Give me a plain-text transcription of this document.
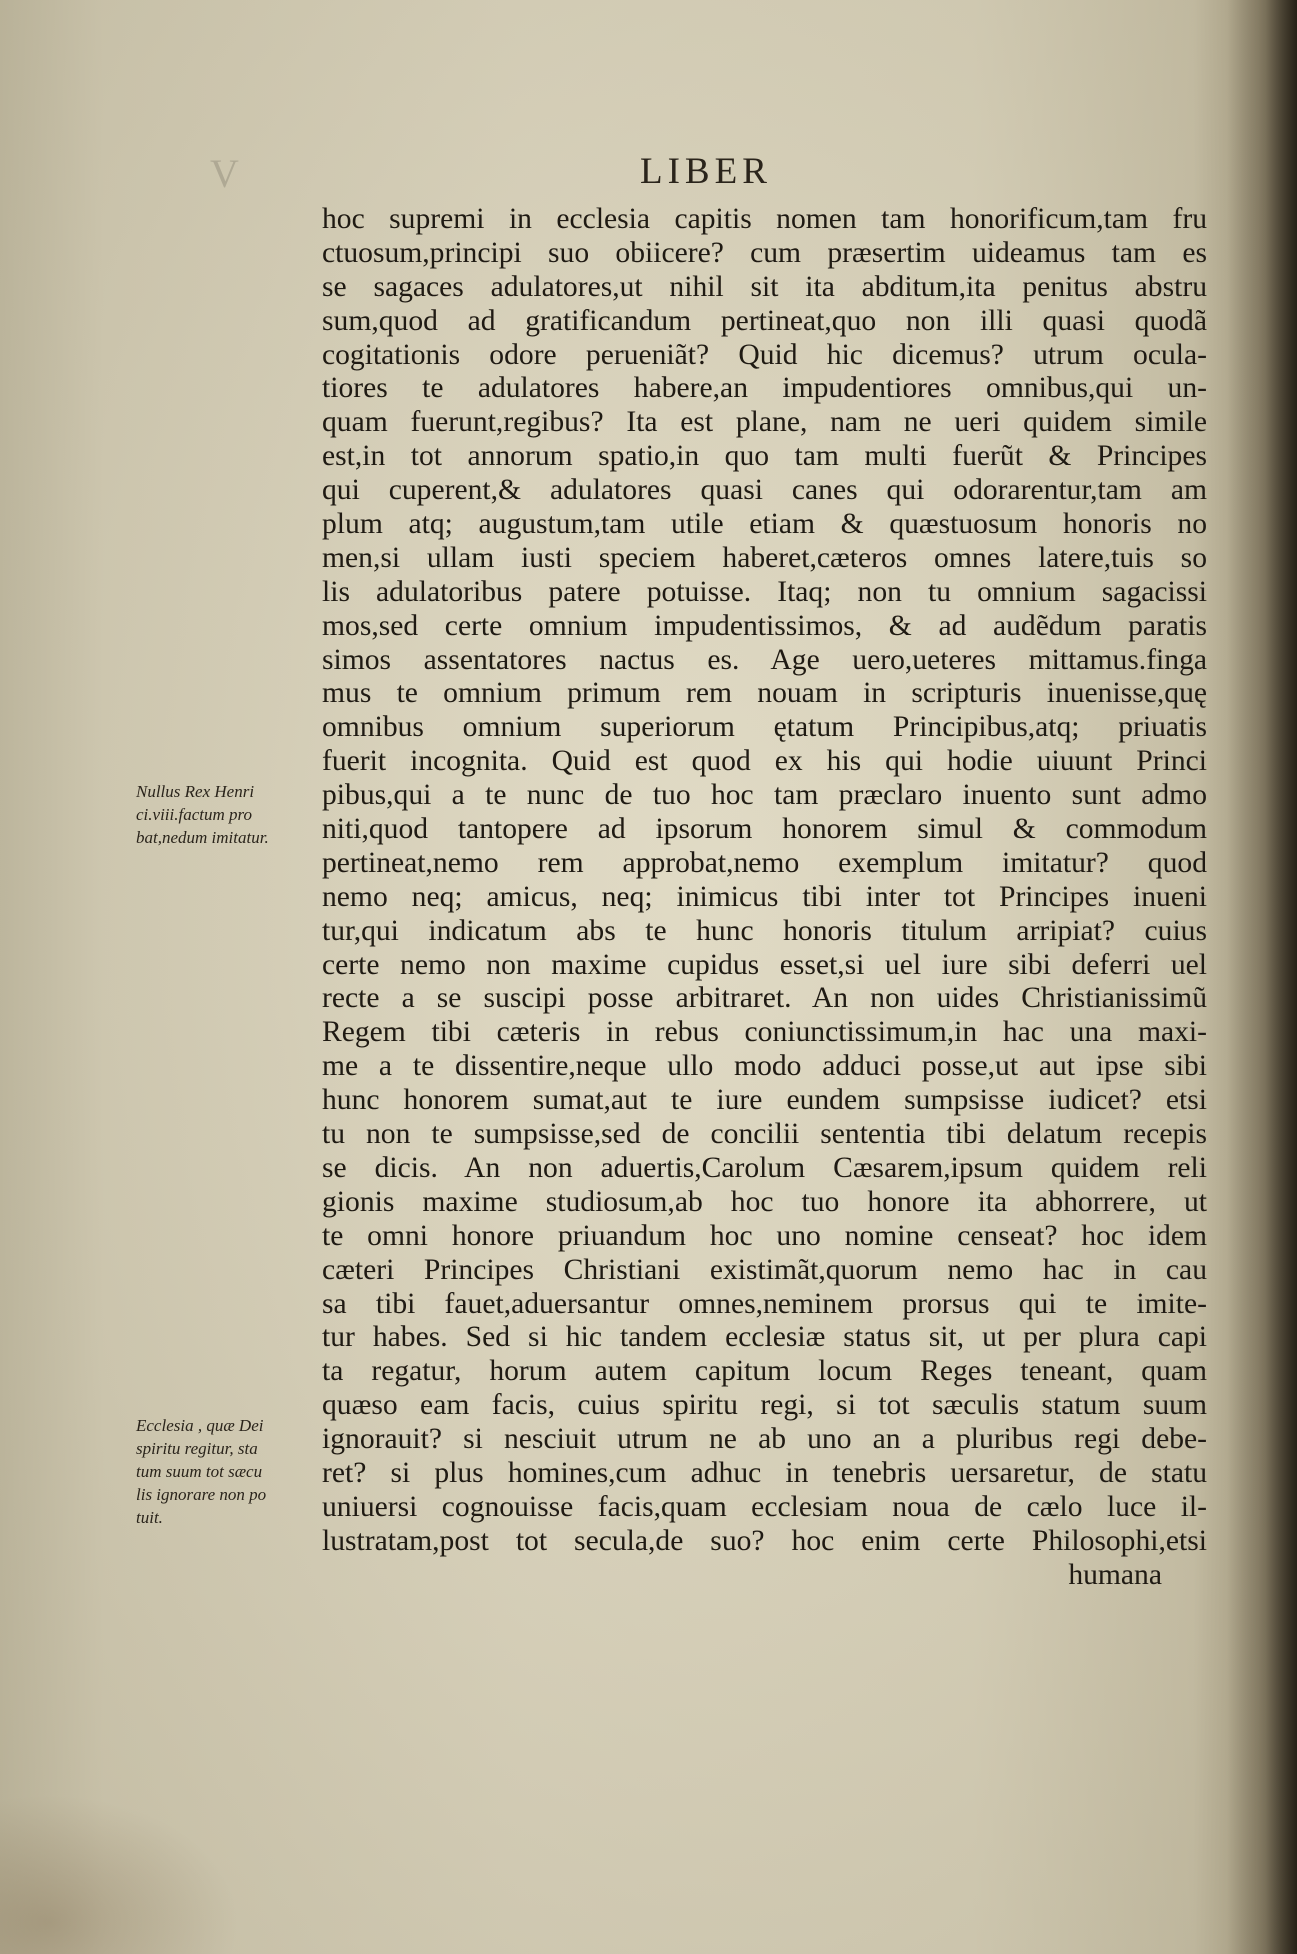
V	LIBER
Nullus Rex Henri
ci.viii.factum pro
bat,nedum imitatur.
Ecclesia , quæ Dei
spiritu regitur, sta
tum suum tot sæcu
lis ignorare non po
tuit.
hoc supremi in ecclesia capitis nomen tam honorificum,tam fru
ctuosum,principi suo obiicere? cum præsertim uideamus tam es
se sagaces adulatores,ut nihil sit ita abditum,ita penitus abstru
sum,quod ad gratificandum pertineat,quo non illi quasi quodã
cogitationis odore perueniãt? Quid hic dicemus? utrum ocula-
tiores te adulatores habere,an impudentiores omnibus,qui un-
quam fuerunt,regibus? Ita est plane, nam ne ueri quidem simile
est,in tot annorum spatio,in quo tam multi fuerũt & Principes
qui cuperent,& adulatores quasi canes qui odorarentur,tam am
plum atq; augustum,tam utile etiam & quæstuosum honoris no
men,si ullam iusti speciem haberet,cæteros omnes latere,tuis so
lis adulatoribus patere potuisse. Itaq; non tu omnium sagacissi
mos,sed certe omnium impudentissimos, & ad audẽdum paratis
simos assentatores nactus es. Age uero,ueteres mittamus.finga
mus te omnium primum rem nouam in scripturis inuenisse,quę
omnibus omnium superiorum ętatum Principibus,atq; priuatis
fuerit incognita. Quid est quod ex his qui hodie uiuunt Princi
pibus,qui a te nunc de tuo hoc tam præclaro inuento sunt admo
niti,quod tantopere ad ipsorum honorem simul & commodum
pertineat,nemo rem approbat,nemo exemplum imitatur? quod
nemo neq; amicus, neq; inimicus tibi inter tot Principes inueni
tur,qui indicatum abs te hunc honoris titulum arripiat? cuius
certe nemo non maxime cupidus esset,si uel iure sibi deferri uel
recte a se suscipi posse arbitraret. An non uides Christianissimũ
Regem tibi cæteris in rebus coniunctissimum,in hac una maxi-
me a te dissentire,neque ullo modo adduci posse,ut aut ipse sibi
hunc honorem sumat,aut te iure eundem sumpsisse iudicet? etsi
tu non te sumpsisse,sed de concilii sententia tibi delatum recepis
se dicis. An non aduertis,Carolum Cæsarem,ipsum quidem reli
gionis maxime studiosum,ab hoc tuo honore ita abhorrere, ut
te omni honore priuandum hoc uno nomine censeat? hoc idem
cæteri Principes Christiani existimãt,quorum nemo hac in cau
sa tibi fauet,aduersantur omnes,neminem prorsus qui te imite-
tur habes. Sed si hic tandem ecclesiæ status sit, ut per plura capi
ta regatur, horum autem capitum locum Reges teneant, quam
quæso eam facis, cuius spiritu regi, si tot sæculis statum suum
ignorauit? si nesciuit utrum ne ab uno an a pluribus regi debe-
ret? si plus homines,cum adhuc in tenebris uersaretur, de statu
uniuersi cognouisse facis,quam ecclesiam noua de cælo luce il-
lustratam,post tot secula,de suo? hoc enim certe Philosophi,etsi
humana
